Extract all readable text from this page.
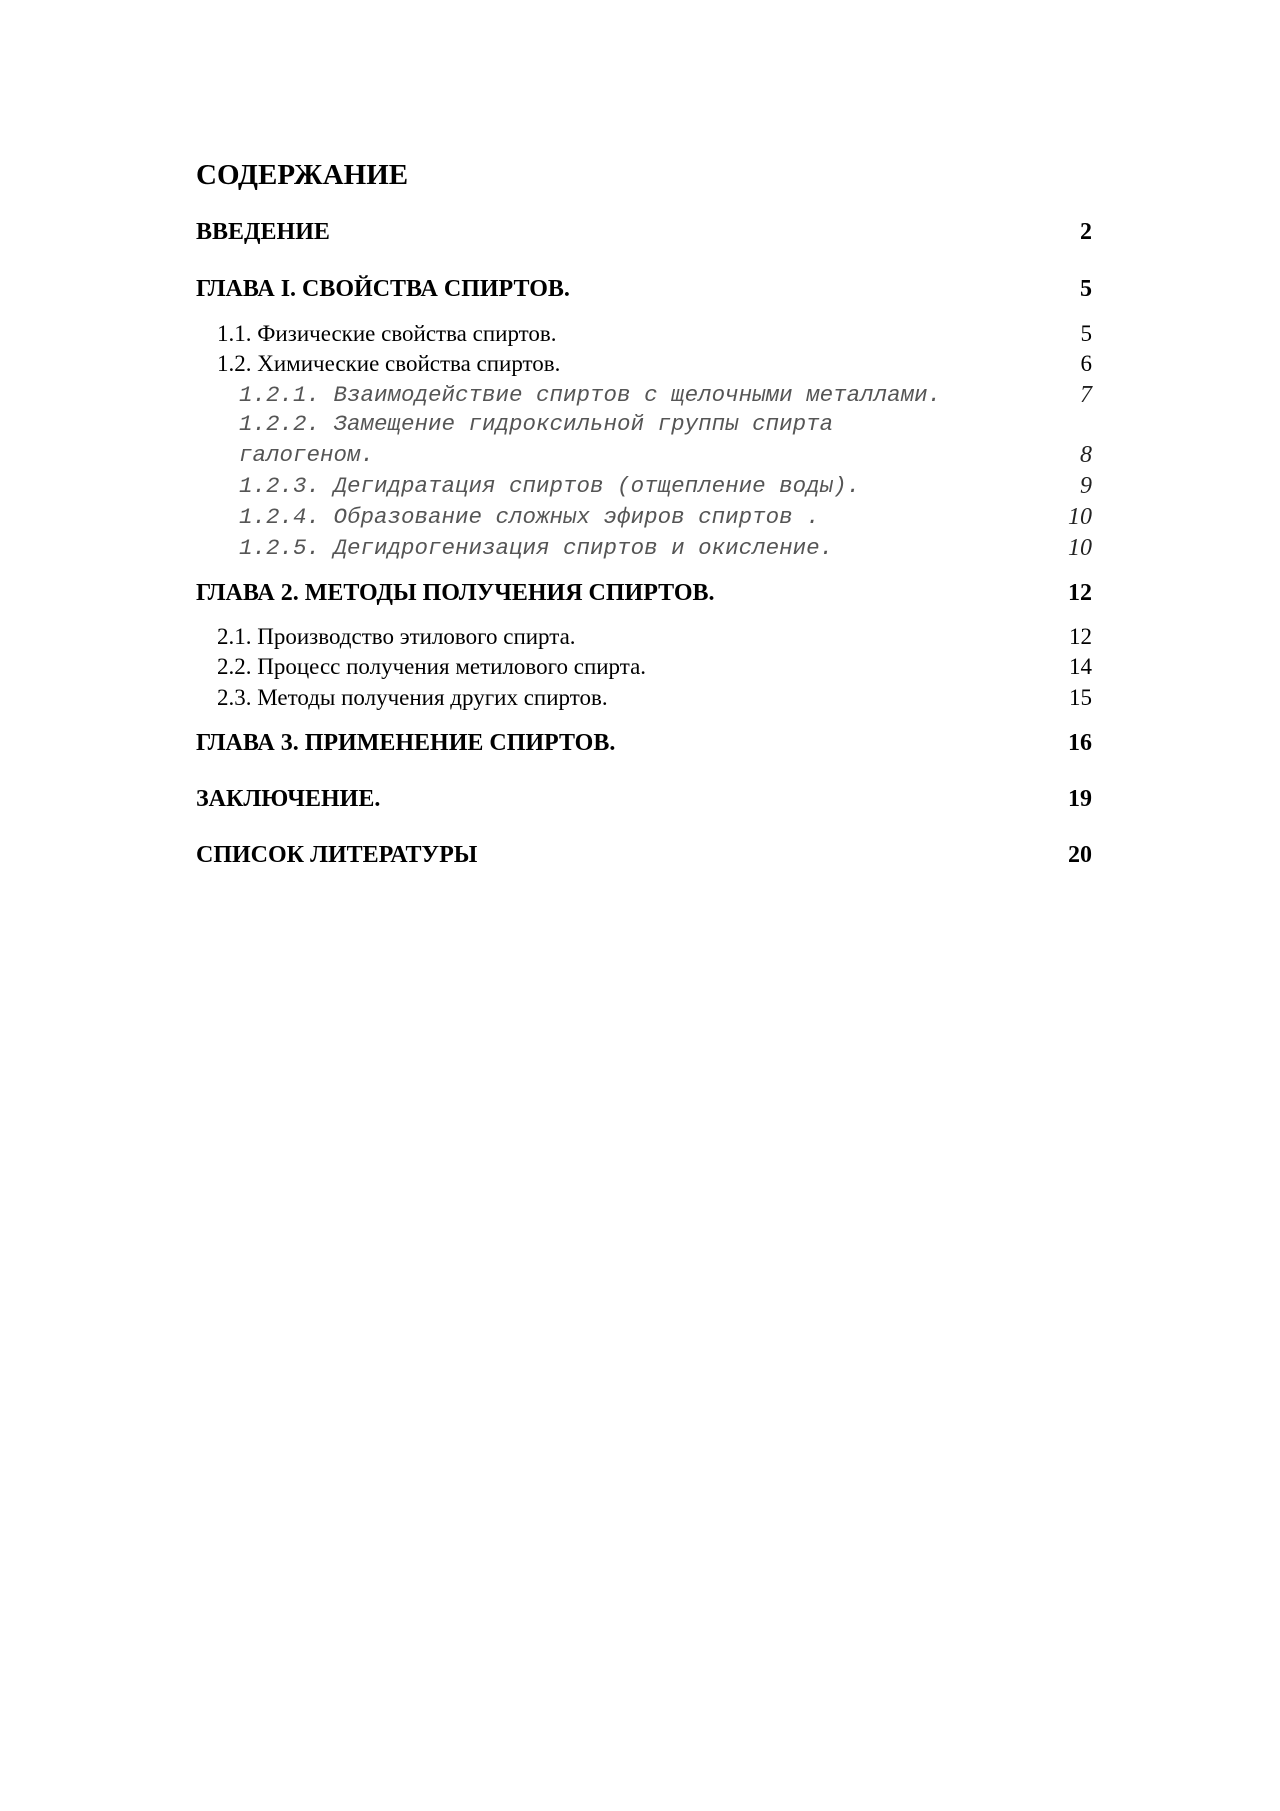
СОДЕРЖАНИЕ
ВВЕДЕНИЕ	2
ГЛАВА I. СВОЙСТВА СПИРТОВ.	5
1.1. Физические свойства спиртов.	5
1.2. Химические свойства спиртов.	6
1.2.1. Взаимодействие спиртов с щелочными металлами.	7
1.2.2. Замещение гидроксильной группы спирта
галогеном.	8
1.2.3. Дегидратация спиртов (отщепление воды).	9
1.2.4. Образование сложных эфиров спиртов .	10
1.2.5. Дегидрогенизация спиртов и окисление.	10
ГЛАВА 2. МЕТОДЫ ПОЛУЧЕНИЯ СПИРТОВ.	12
2.1. Производство этилового спирта.	12
2.2. Процесс получения метилового спирта.	14
2.3. Методы получения других спиртов.	15
ГЛАВА 3. ПРИМЕНЕНИЕ СПИРТОВ.	16
ЗАКЛЮЧЕНИЕ.	19
СПИСОК ЛИТЕРАТУРЫ	20
